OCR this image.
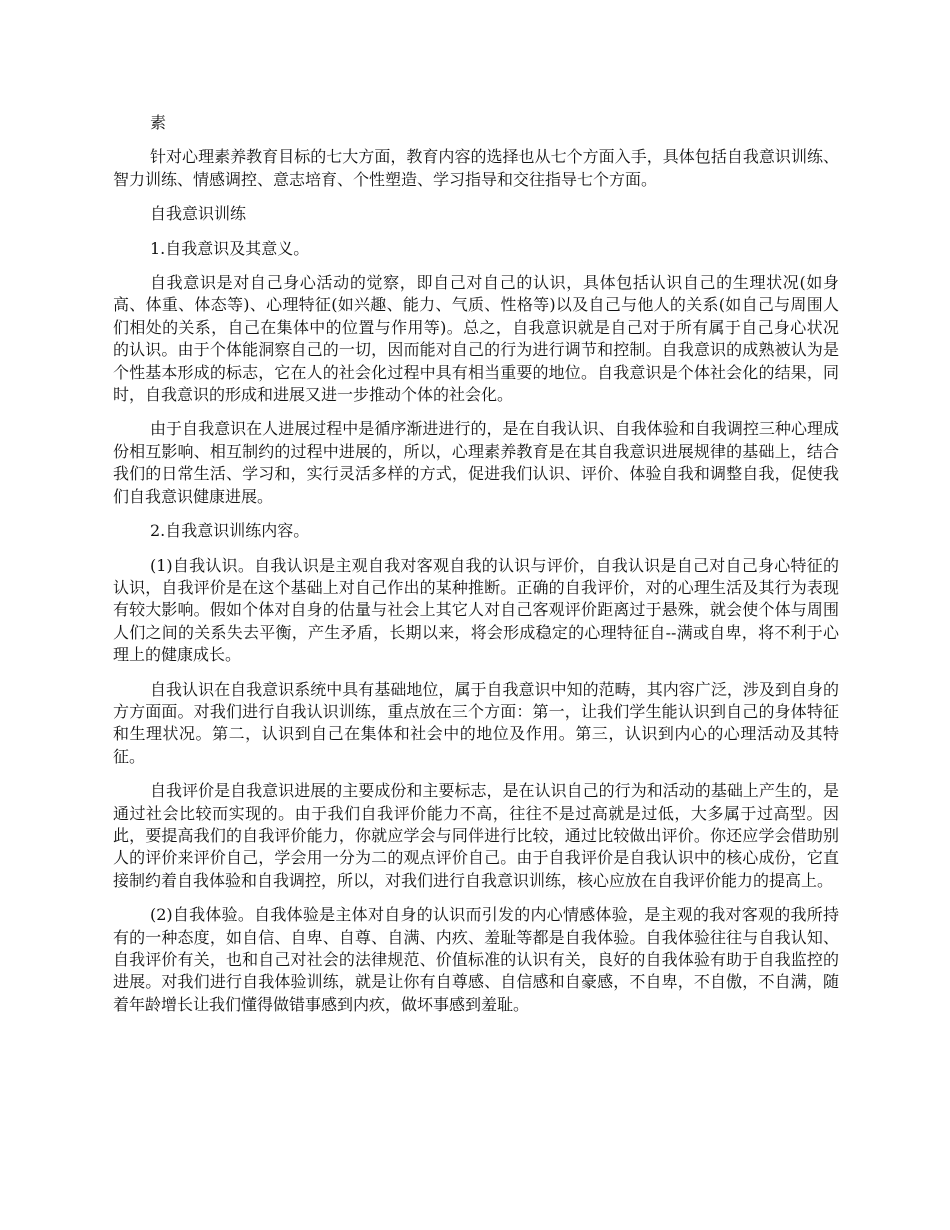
素

针对心理素养教育目标的七大方面，教育内容的选择也从七个方面入手，具体包括自我意识训练、智力训练、情感调控、意志培育、个性塑造、学习指导和交往指导七个方面。

自我意识训练

1.自我意识及其意义。

自我意识是对自己身心活动的觉察，即自己对自己的认识，具体包括认识自己的生理状况(如身高、体重、体态等)、心理特征(如兴趣、能力、气质、性格等)以及自己与他人的关系(如自己与周围人们相处的关系，自己在集体中的位置与作用等)。总之，自我意识就是自己对于所有属于自己身心状况的认识。由于个体能洞察自己的一切，因而能对自己的行为进行调节和控制。自我意识的成熟被认为是个性基本形成的标志，它在人的社会化过程中具有相当重要的地位。自我意识是个体社会化的结果，同时，自我意识的形成和进展又进一步推动个体的社会化。

由于自我意识在人进展过程中是循序渐进进行的，是在自我认识、自我体验和自我调控三种心理成份相互影响、相互制约的过程中进展的，所以，心理素养教育是在其自我意识进展规律的基础上，结合我们的日常生活、学习和，实行灵活多样的方式，促进我们认识、评价、体验自我和调整自我，促使我们自我意识健康进展。

2.自我意识训练内容。

(1)自我认识。自我认识是主观自我对客观自我的认识与评价，自我认识是自己对自己身心特征的认识，自我评价是在这个基础上对自己作出的某种推断。正确的自我评价，对的心理生活及其行为表现有较大影响。假如个体对自身的估量与社会上其它人对自己客观评价距离过于悬殊，就会使个体与周围人们之间的关系失去平衡，产生矛盾，长期以来，将会形成稳定的心理特征自--满或自卑，将不利于心理上的健康成长。

自我认识在自我意识系统中具有基础地位，属于自我意识中知的范畴，其内容广泛，涉及到自身的方方面面。对我们进行自我认识训练，重点放在三个方面：第一，让我们学生能认识到自己的身体特征和生理状况。第二，认识到自己在集体和社会中的地位及作用。第三，认识到内心的心理活动及其特征。

自我评价是自我意识进展的主要成份和主要标志，是在认识自己的行为和活动的基础上产生的，是通过社会比较而实现的。由于我们自我评价能力不高，往往不是过高就是过低，大多属于过高型。因此，要提高我们的自我评价能力，你就应学会与同伴进行比较，通过比较做出评价。你还应学会借助别人的评价来评价自己，学会用一分为二的观点评价自己。由于自我评价是自我认识中的核心成份，它直接制约着自我体验和自我调控，所以，对我们进行自我意识训练，核心应放在自我评价能力的提高上。

(2)自我体验。自我体验是主体对自身的认识而引发的内心情感体验，是主观的我对客观的我所持有的一种态度，如自信、自卑、自尊、自满、内疚、羞耻等都是自我体验。自我体验往往与自我认知、自我评价有关，也和自己对社会的法律规范、价值标准的认识有关，良好的自我体验有助于自我监控的进展。对我们进行自我体验训练，就是让你有自尊感、自信感和自豪感，不自卑，不自傲，不自满，随着年龄增长让我们懂得做错事感到内疚，做坏事感到羞耻。
